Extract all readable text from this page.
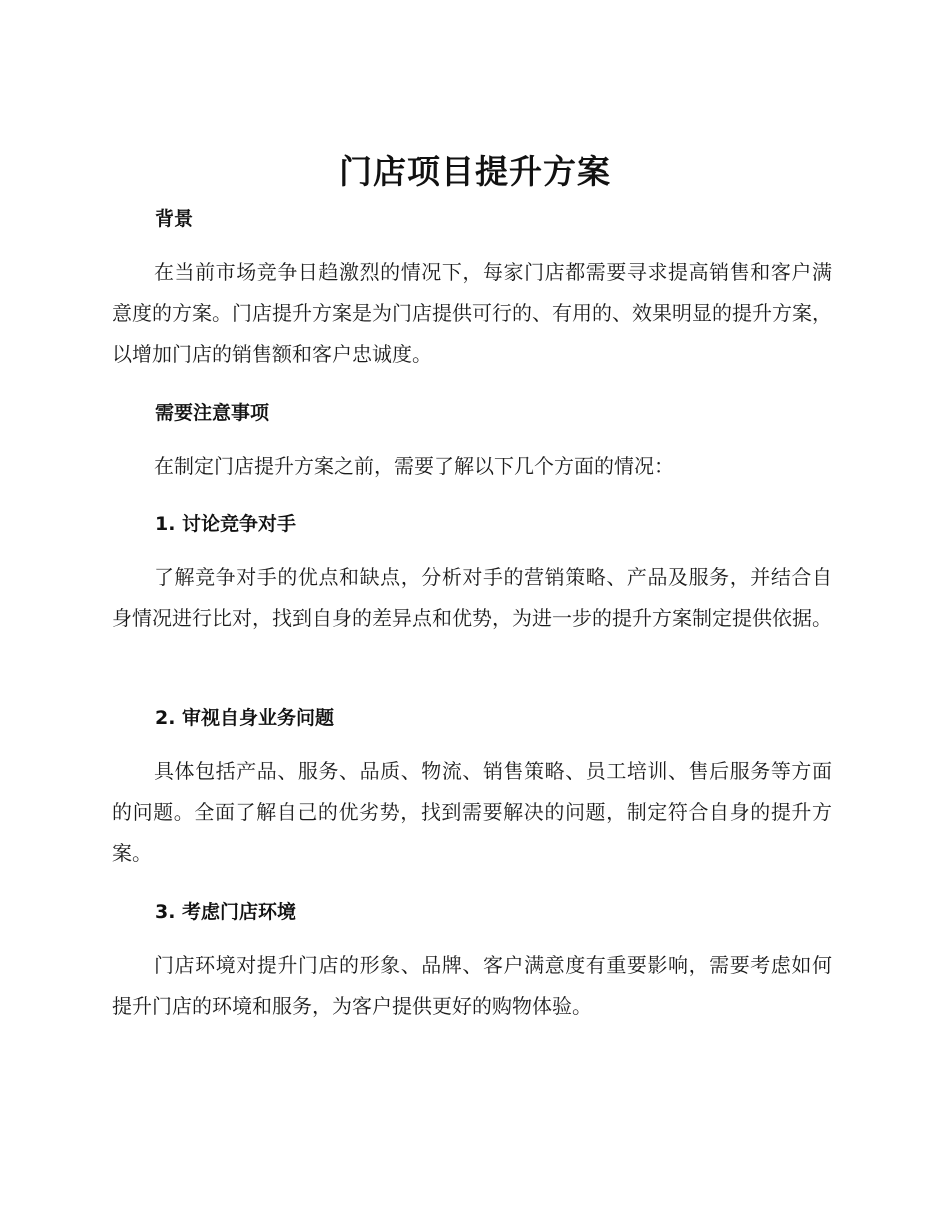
门店项目提升方案
背景

在当前市场竞争日趋激烈的情况下，每家门店都需要寻求提高销售和客户满意度的方案。门店提升方案是为门店提供可行的、有用的、效果明显的提升方案，以增加门店的销售额和客户忠诚度。

需要注意事项

在制定门店提升方案之前，需要了解以下几个方面的情况：

1. 讨论竞争对手

了解竞争对手的优点和缺点，分析对手的营销策略、产品及服务，并结合自身情况进行比对，找到自身的差异点和优势，为进一步的提升方案制定提供依据。

2. 审视自身业务问题

具体包括产品、服务、品质、物流、销售策略、员工培训、售后服务等方面的问题。全面了解自己的优劣势，找到需要解决的问题，制定符合自身的提升方案。

3. 考虑门店环境

门店环境对提升门店的形象、品牌、客户满意度有重要影响，需要考虑如何提升门店的环境和服务，为客户提供更好的购物体验。
